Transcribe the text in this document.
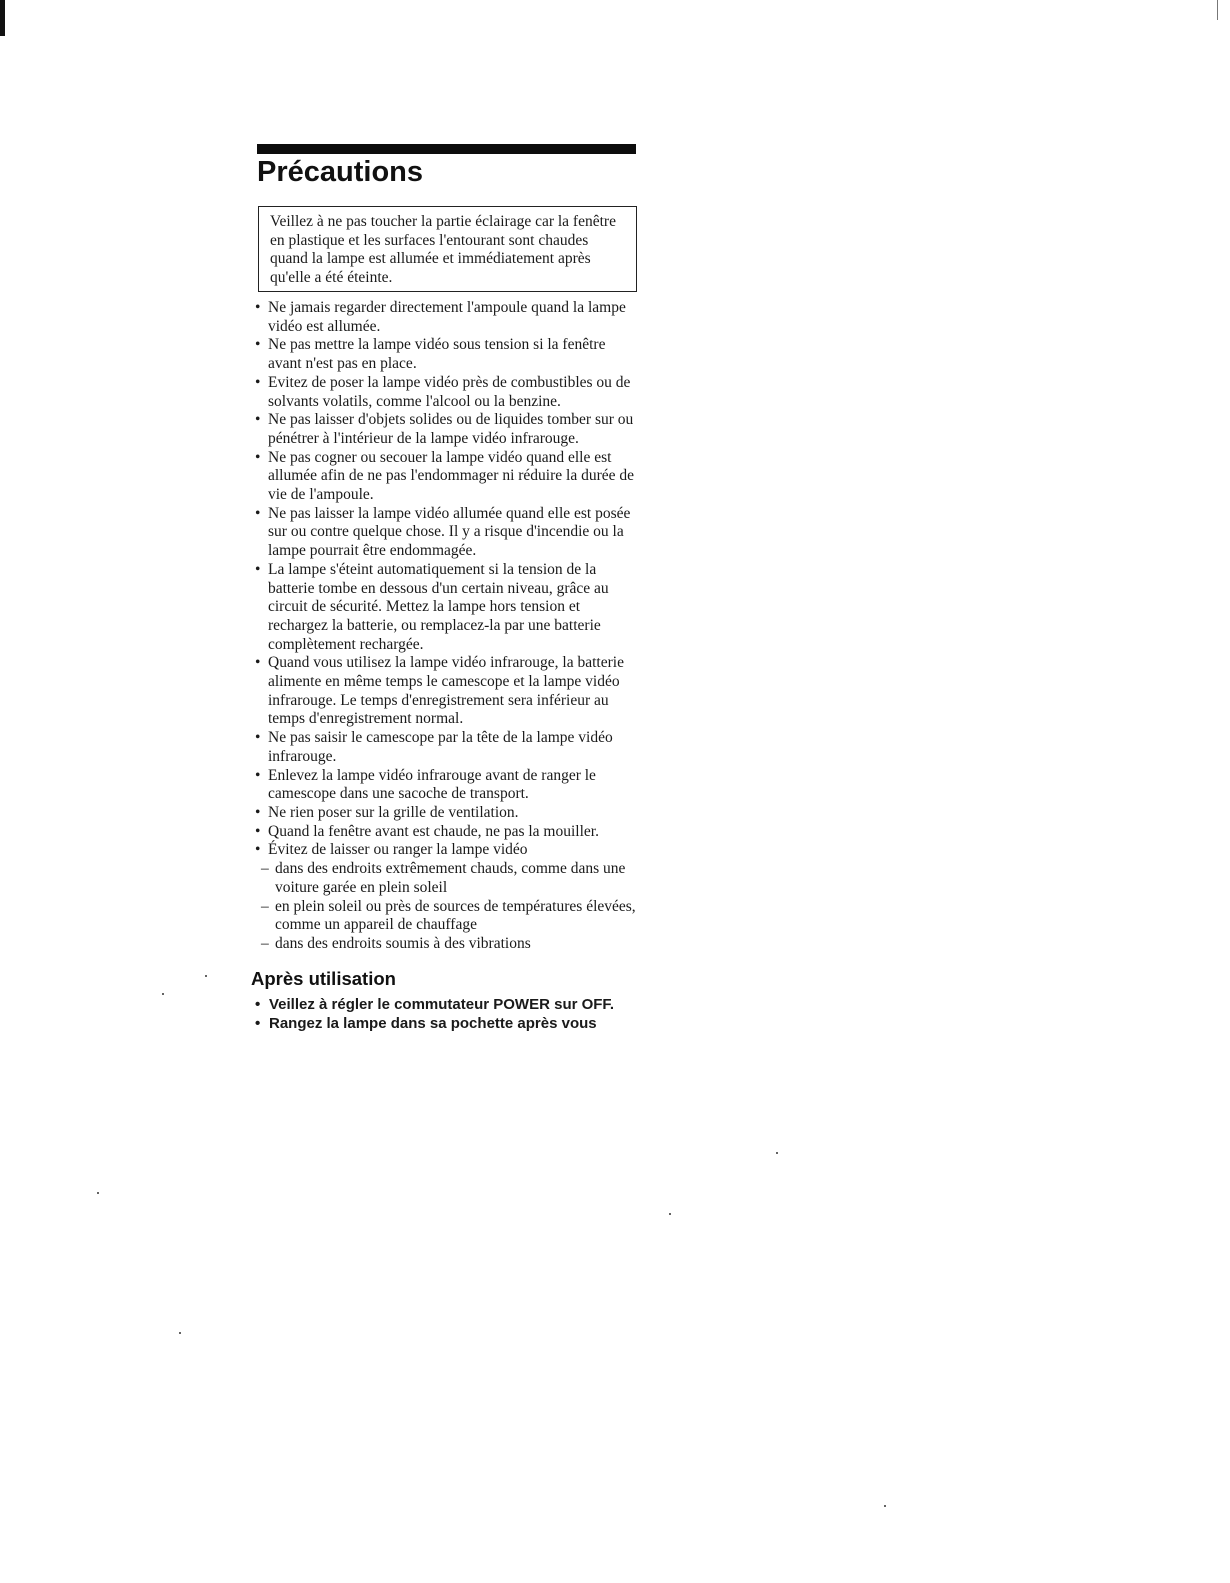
Précautions

Veillez à ne pas toucher la partie éclairage car la fenêtre en plastique et les surfaces l'entourant sont chaudes quand la lampe est allumée et immédiatement après qu'elle a été éteinte.

• Ne jamais regarder directement l'ampoule quand la lampe vidéo est allumée.
• Ne pas mettre la lampe vidéo sous tension si la fenêtre avant n'est pas en place.
• Evitez de poser la lampe vidéo près de combustibles ou de solvants volatils, comme l'alcool ou la benzine.
• Ne pas laisser d'objets solides ou de liquides tomber sur ou pénétrer à l'intérieur de la lampe vidéo infrarouge.
• Ne pas cogner ou secouer la lampe vidéo quand elle est allumée afin de ne pas l'endommager ni réduire la durée de vie de l'ampoule.
• Ne pas laisser la lampe vidéo allumée quand elle est posée sur ou contre quelque chose. Il y a risque d'incendie ou la lampe pourrait être endommagée.
• La lampe s'éteint automatiquement si la tension de la batterie tombe en dessous d'un certain niveau, grâce au circuit de sécurité. Mettez la lampe hors tension et rechargez la batterie, ou remplacez-la par une batterie complètement rechargée.
• Quand vous utilisez la lampe vidéo infrarouge, la batterie alimente en même temps le camescope et la lampe vidéo infrarouge. Le temps d'enregistrement sera inférieur au temps d'enregistrement normal.
• Ne pas saisir le camescope par la tête de la lampe vidéo infrarouge.
• Enlevez la lampe vidéo infrarouge avant de ranger le camescope dans une sacoche de transport.
• Ne rien poser sur la grille de ventilation.
• Quand la fenêtre avant est chaude, ne pas la mouiller.
• Évitez de laisser ou ranger la lampe vidéo
– dans des endroits extrêmement chauds, comme dans une voiture garée en plein soleil
– en plein soleil ou près de sources de températures élevées, comme un appareil de chauffage
– dans des endroits soumis à des vibrations
Après utilisation
• Veillez à régler le commutateur POWER sur OFF.
• Rangez la lampe dans sa pochette après vous
